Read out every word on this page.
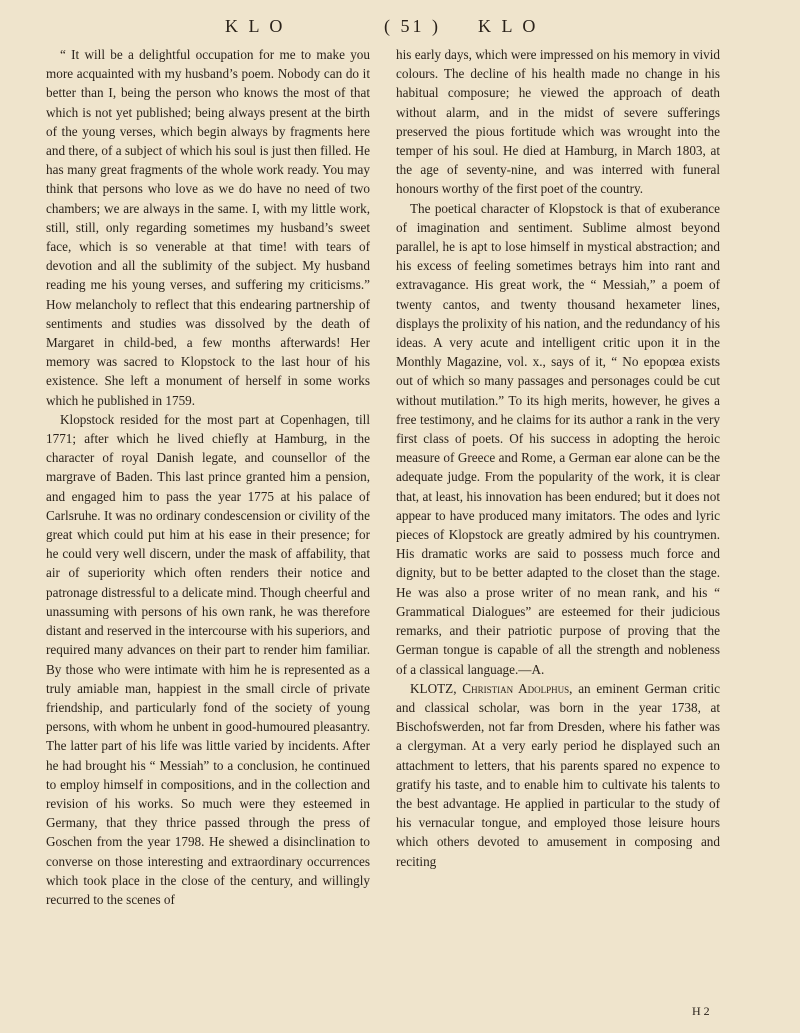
K L O	( 51 ) K L O

“ It will be a delightful occupation for me to make you more acquainted with my husband’s poem. Nobody can do it better than I, being the person who knows the most of that which is not yet published; being always present at the birth of the young verses, which begin always by fragments here and there, of a subject of which his soul is just then filled. He has many great fragments of the whole work ready. You may think that persons who love as we do have no need of two chambers; we are always in the same. I, with my little work, still, still, only regarding sometimes my husband’s sweet face, which is so venerable at that time! with tears of devotion and all the sublimity of the subject. My husband reading me his young verses, and suffering my criticisms.” How melancholy to reflect that this endearing partnership of sentiments and studies was dissolved by the death of Margaret in child-bed, a few months afterwards! Her memory was sacred to Klopstock to the last hour of his existence. She left a monument of herself in some works which he published in 1759.

Klopstock resided for the most part at Copenhagen, till 1771; after which he lived chiefly at Hamburg, in the character of royal Danish legate, and counsellor of the margrave of Baden. This last prince granted him a pension, and engaged him to pass the year 1775 at his palace of Carlsruhe. It was no ordinary condescension or civility of the great which could put him at his ease in their presence; for he could very well discern, under the mask of affability, that air of superiority which often renders their notice and patronage distressful to a delicate mind. Though cheerful and unassuming with persons of his own rank, he was therefore distant and reserved in the intercourse with his superiors, and required many advances on their part to render him familiar. By those who were intimate with him he is represented as a truly amiable man, happiest in the small circle of private friendship, and particularly fond of the society of young persons, with whom he unbent in good-humoured pleasantry. The latter part of his life was little varied by incidents. After he had brought his “ Messiah” to a conclusion, he continued to employ himself in compositions, and in the collection and revision of his works. So much were they esteemed in Germany, that they thrice passed through the press of Goschen from the year 1798. He shewed a disinclination to converse on those interesting and extraordinary occurrences which took place in the close of the century, and willingly recurred to the scenes of

his early days, which were impressed on his memory in vivid colours. The decline of his health made no change in his habitual composure; he viewed the approach of death without alarm, and in the midst of severe sufferings preserved the pious fortitude which was wrought into the temper of his soul. He died at Hamburg, in March 1803, at the age of seventy-nine, and was interred with funeral honours worthy of the first poet of the country.

The poetical character of Klopstock is that of exuberance of imagination and sentiment. Sublime almost beyond parallel, he is apt to lose himself in mystical abstraction; and his excess of feeling sometimes betrays him into rant and extravagance. His great work, the “ Messiah,” a poem of twenty cantos, and twenty thousand hexameter lines, displays the prolixity of his nation, and the redundancy of his ideas. A very acute and intelligent critic upon it in the Monthly Magazine, vol. x., says of it, “ No epopœa exists out of which so many passages and personages could be cut without mutilation.” To its high merits, however, he gives a free testimony, and he claims for its author a rank in the very first class of poets. Of his success in adopting the heroic measure of Greece and Rome, a German ear alone can be the adequate judge. From the popularity of the work, it is clear that, at least, his innovation has been endured; but it does not appear to have produced many imitators. The odes and lyric pieces of Klopstock are greatly admired by his countrymen. His dramatic works are said to possess much force and dignity, but to be better adapted to the closet than the stage. He was also a prose writer of no mean rank, and his “ Grammatical Dialogues” are esteemed for their judicious remarks, and their patriotic purpose of proving that the German tongue is capable of all the strength and nobleness of a classical language.—A.

KLOTZ, Christian Adolphus, an eminent German critic and classical scholar, was born in the year 1738, at Bischofswerden, not far from Dresden, where his father was a clergyman. At a very early period he displayed such an attachment to letters, that his parents spared no expence to gratify his taste, and to enable him to cultivate his talents to the best advantage. He applied in particular to the study of his vernacular tongue, and employed those leisure hours which others devoted to amusement in composing and reciting

H 2
